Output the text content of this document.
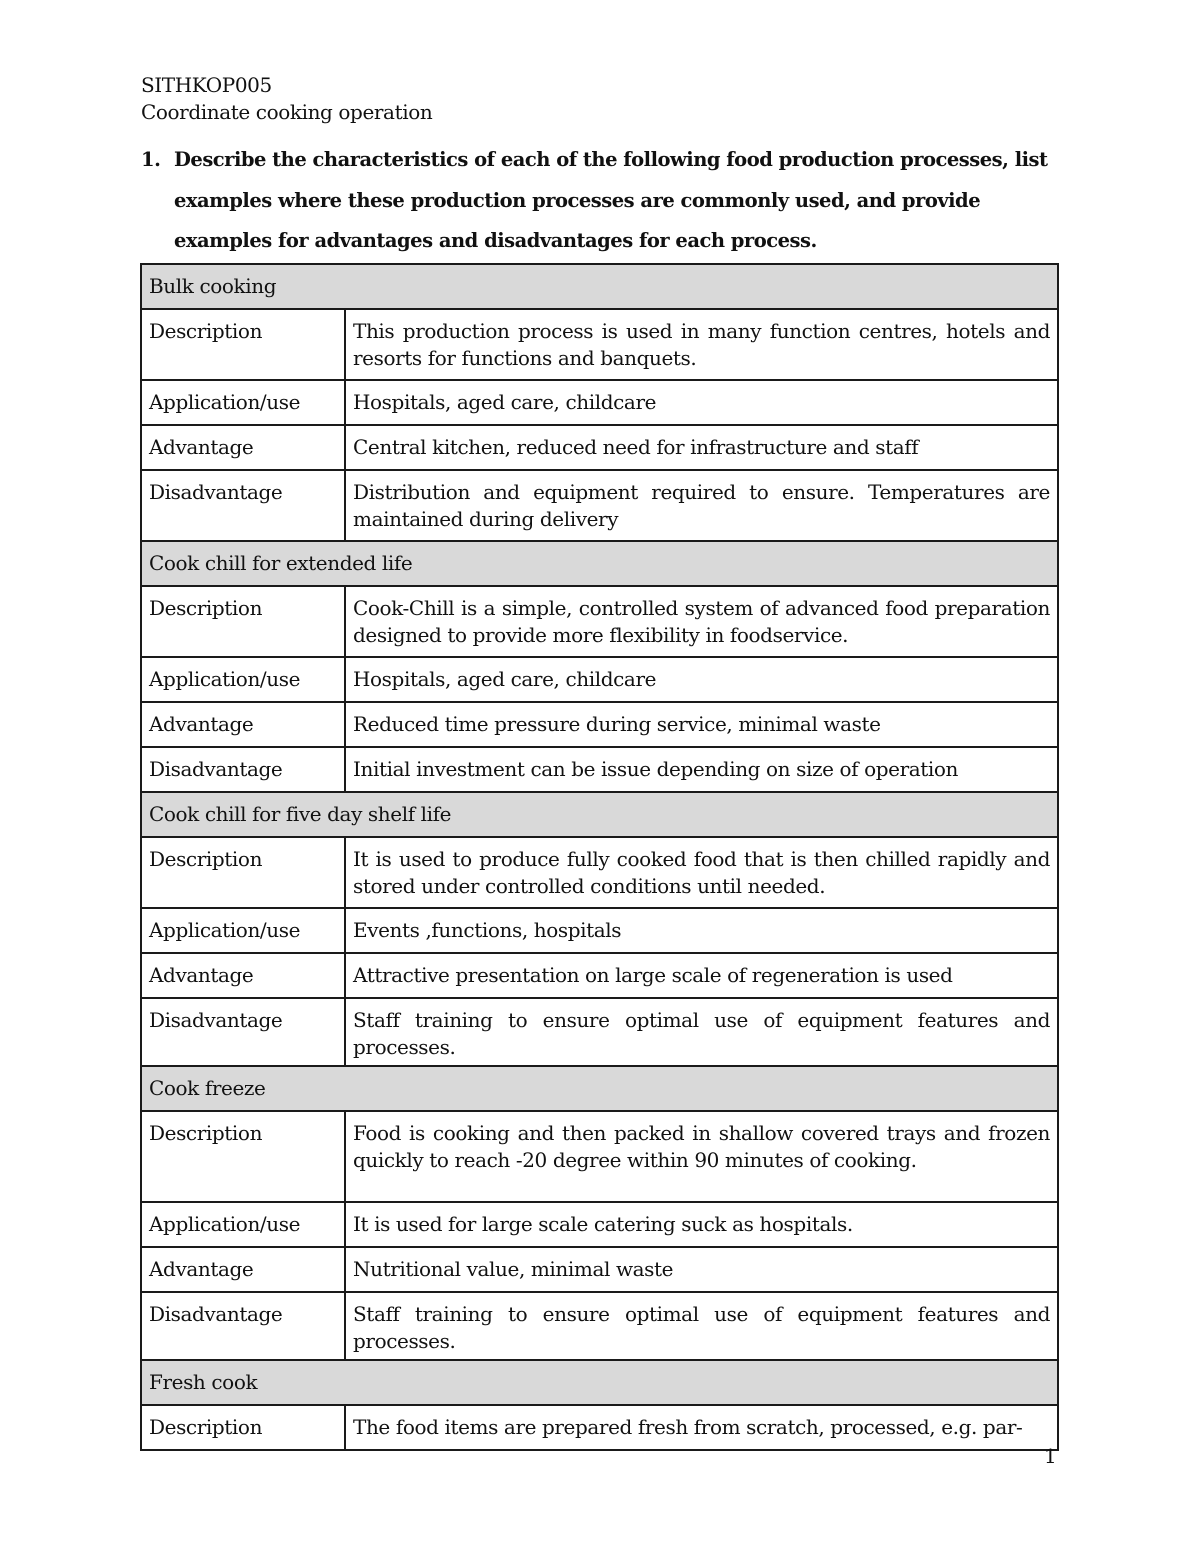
SITHKOP005
Coordinate cooking operation
1. Describe the characteristics of each of the following food production processes, list examples where these production processes are commonly used, and provide examples for advantages and disadvantages for each process.
Bulk cooking	
Description	This production process is used in many function centres, hotels and resorts for functions and banquets.
Application/use	Hospitals, aged care, childcare
Advantage	Central kitchen, reduced need for infrastructure and staff
Disadvantage	Distribution and equipment required to ensure. Temperatures are maintained during delivery
Cook chill for extended life	
Description	Cook-Chill is a simple, controlled system of advanced food preparation designed to provide more flexibility in foodservice.
Application/use	Hospitals, aged care, childcare
Advantage	Reduced time pressure during service, minimal waste
Disadvantage	Initial investment can be issue depending on size of operation
Cook chill for five day shelf life	
Description	It is used to produce fully cooked food that is then chilled rapidly and stored under controlled conditions until needed.
Application/use	Events ,functions, hospitals
Advantage	Attractive presentation on large scale of regeneration is used
Disadvantage	Staff training to ensure optimal use of equipment features and processes.
Cook freeze	
Description	Food is cooking and then packed in shallow covered trays and frozen quickly to reach -20 degree within 90 minutes of cooking.
Application/use	It is used for large scale catering suck as hospitals.
Advantage	Nutritional value, minimal waste
Disadvantage	Staff training to ensure optimal use of equipment features and processes.
Fresh cook	
Description	The food items are prepared fresh from scratch, processed, e.g. par-
1
